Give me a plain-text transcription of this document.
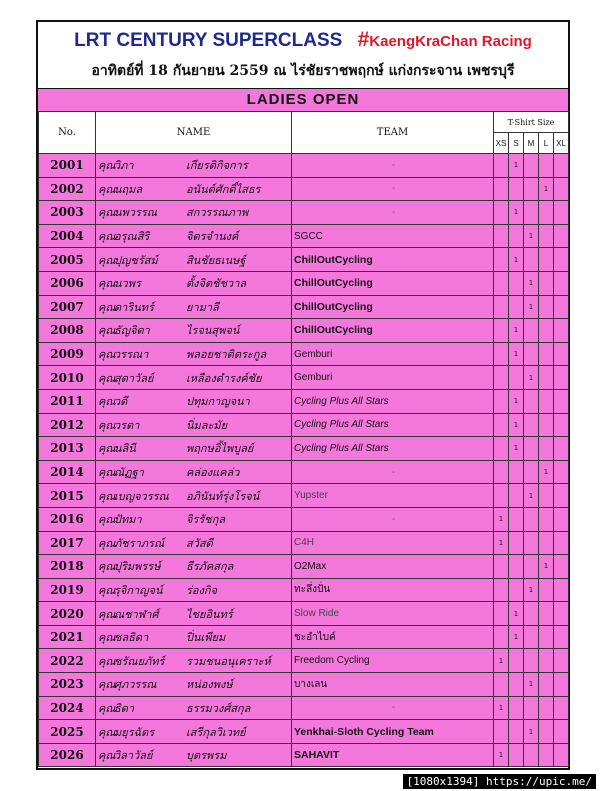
LRT CENTURY SUPERCLASS #KaengKraChan Racing
อาทิตย์ที่ 18 กันยายน 2559 ณ ไร่ชัยราชพฤกษ์ แก่งกระจาน เพชรบุรี
LADIES OPEN
No.	NAME	TEAM	T-Shirt Size				
			XS	S	M	L	XL
2001	คุณวิภา เกียรติกิจการ	-		1			
2002	คุณนฤมล อนันต์ศักดิ์ไสธร	-				1	
2003	คุณนพวรรณ สกวรรณภาพ	-		1			
2004	คุณอรุณสิริ จิตรจำนงค์	SGCC			1		
2005	คุณปุญชรัสม์ สินชัยธเนษฐ์	ChillOutCycling		1			
2006	คุณนวพร ตั้งจิตชัชวาล	ChillOutCycling			1		
2007	คุณดารินทร์ ยามาลี	ChillOutCycling			1		
2008	คุณธัญจิดา ไรจนสุพจน์	ChillOutCycling		1			
2009	คุณวรรณา พลอยชาติตระกูล	Gemburi		1			
2010	คุณสุดาวัลย์ เหลืองดำรงค์ชัย	Gemburi			1		
2011	คุณวดี ปทุมกาญจนา	Cycling Plus All Stars		1			
2012	คุณวรดา นิ่มละมัย	Cycling Plus All Stars		1			
2013	คุณนลินี พฤกษอิ้ไพบูลย์	Cycling Plus All Stars		1			
2014	คุณณัฏฐา คล่องแคล่ว	-				1	
2015	คุณเบญจวรรณ อภินันท์รุ่งโรจน์	Yupster			1		
2016	คุณปัทมา จิรรัชกุล	-	1				
2017	คุณภัชราภรณ์ สวัสดี	C4H	1				
2018	คุณปุริมพรรษ์ ธีรภัคสกุล	O2Max				1	
2019	คุณรุจิกาญจน์ ร่องกิจ	ทะลึ่งปั่น			1		
2020	คุณณชาฬาศ์ ไชยอินทร์	Slow Ride		1			
2021	คุณชลธิดา ปิ่นเพียม	ชะอำไบค์		1			
2022	คุณชรัณยภัทร์ รวมชนอนุเคราะห์	Freedom Cycling	1				
2023	คุณศุภวรรณ หน่องพงษ์	บางเลน			1		
2024	คุณธิดา ธรรมวงศ์สกุล	-	1				
2025	คุณมยุรฉัตร เสรีกุลวิเวทย์	Yenkhai-Sloth Cycling Team			1		
2026	คุณวิลาวัลย์ บุตรพรม	SAHAVIT	1				
[1080x1394] https://upic.me/
